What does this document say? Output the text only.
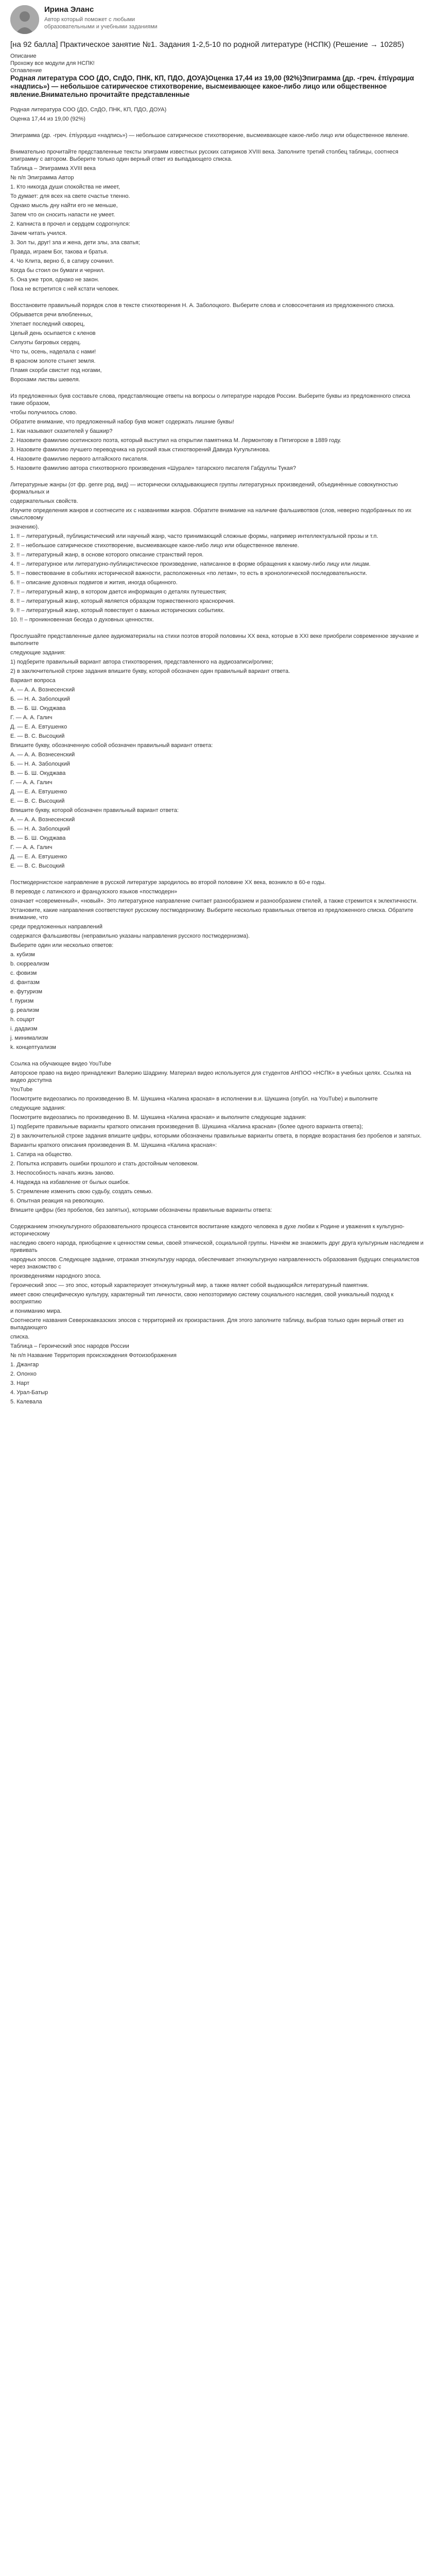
Ирина Эланс
Автор который поможет с любыми образовательными и учебными заданиями
[на 92 балла] Практическое занятие №1. Задания 1-2,5-10 по родной литературе (НСПК) (Решение → 10285)

Описание

Прохожу все модули для НСПК!

Оглавление

Родная литература СОО (ДО, СпДО, ПНК, КП, ПДО, ДОУА)Оценка 17,44 из 19,00 (92%)Эпиграмма (др. -греч. ἐπίγραμμα «надпись») — небольшое сатирическое стихотворение, высмеивающее какое-либо лицо или общественное явление.Внимательно прочитайте представленные

Родная литература СОО (ДО, СпДО, ПНК, КП, ПДО, ДОУА)

Оценка 17,44 из 19,00 (92%)

Эпиграмма (др. -греч. ἐπίγραμμα «надпись») — небольшое сатирическое стихотворение, высмеивающее какое-либо лицо или общественное явление.

Внимательно прочитайте представленные тексты эпиграмм известных русских сатириков XVIII века. Заполните третий столбец таблицы, соотнеся эпиграмму с автором. Выберите только один верный ответ из выпадающего списка.

Таблица – Эпиграмма XVIII века

№ п/п Эпиграмма Автор

1. Кто никогда души спокойства не имеет,

То думает: для всех на свете счастье тленно.

Однако мысль дну найти его не меньше,

Затем что он сносить напасти не умеет.

2. Капнистa в прочел и сердцем содрогнулся:

Зачем читать учился.

3. Зол ты, друг! зла и жена, дети злы, зла сватья;

Правда, играем Бог, такова и братья.

4. Чо Клита, верно б, в сатиру сочинил.

Когда бы стоил он бумаги и чернил.

5. Она уже троя, однако не закон.

Пока не встретится с ней кстати человек.

Восстановите правильный порядок слов в тексте стихотворения Н. А. Заболоцкого. Выберите слова и словосочетания из предложенного списка.

Обрывается речи влюбленных,

Улетает последний скворец,

Целый день осыпается с кленов

Силуэты багровых сердец.

Что ты, осень, наделала с нами!

В красном золоте стынет земля.

Пламя скорби свистит под ногами,

Ворохами листвы шевеля.

Из предложенных букв составьте слова, представляющие ответы на вопросы о литературе народов России. Выберите буквы из предложенного списка такие образом,

чтобы получилось слово.

Обратите внимание, что предложенный набор букв может содержать лишние буквы!

1. Как называют сказителей у башкир?

2. Назовите фамилию осетинского поэта, который выступил на открытии памятника М. Лермонтову в Пятигорске в 1889 году.

3. Назовите фамилию лучшего переводчика на русский язык стихотворений Давида Кугультинова.

4. Назовите фамилию первого алтайского писателя.

5. Назовите фамилию автора стихотворного произведения «Шурале» татарского писателя Габдуллы Тукая?

Литературные жанры (от фр. genre род, вид) — исторически складывающиеся группы литературных произведений, объединённые совокупностью формальных и

содержательных свойств.

Изучите определения жанров и соотнесите их с названиями жанров. Обратите внимание на наличие фальшивотвов (слов, неверно подобранных по их смысловому

значению).

1. !! – литературный, публицистический или научный жанр, часто принимающий сложные формы, например интеллектуальной прозы и т.п.

2. !! – небольшое сатирическое стихотворение, высмеивающее какое-либо лицо или общественное явление.

3. !! – литературный жанр, в основе которого описание странствий героя.

4. !! – литературное или литературно-публицистическое произведение, написанное в форме обращения к какому-либо лицу или лицам.

5. !! – повествование в событиях исторической важности, расположенных «по летам», то есть в хронологической последовательности.

6. !! – описание духовных подвигов и жития, иногда общинного.

7. !! – литературный жанр, в котором дается информация о деталях путешествия;

8. !! – литературный жанр, который является образцом торжественного красноречия.

9. !! – литературный жанр, который повествует о важных исторических событиях.

10. !! – проникновенная беседа о духовных ценностях.

Прослушайте представленные далее аудиоматериалы на стихи поэтов второй половины XX века, которые в XXI веке приобрели современное звучание и выполните

следующие задания:

1) подберите правильный вариант автора стихотворения, представленного на аудиозаписи/ролике;

2) в заключительной строке задания впишите букву, которой обозначен один правильный вариант ответа.

Вариант вопроса

А. — А. А. Вознесенский

Б. — Н. А. Заболоцкий

В. — Б. Ш. Окуджава

Г. — А. А. Галич

Д. — Е. А. Евтушенко

Е. — В. С. Высоцкий

Впишите букву, обозначенную собой обозначен правильный вариант ответа:

А. — А. А. Вознесенский

Б. — Н. А. Заболоцкий

В. — Б. Ш. Окуджава

Г. — А. А. Галич

Д. — Е. А. Евтушенко

Е. — В. С. Высоцкий

Впишите букву, которой обозначен правильный вариант ответа:

А. — А. А. Вознесенский

Б. — Н. А. Заболоцкий

В. — Б. Ш. Окуджава

Г. — А. А. Галич

Д. — Е. А. Евтушенко

Е. — В. С. Высоцкий

Постмодернистское направление в русской литературе зародилось во второй половине XX века, возникло в 60-е годы.

В переводе с латинского и французского языков «постмодерн»

означает «современный», «новый». Это литературное направление считает разнообразием и разнообразием стилей, а также стремится к эклектичности.

Установите, какие направления соответствуют русскому постмодернизму. Выберите несколько правильных ответов из предложенного списка. Обратите внимание, что

среди предложенных направлений

содержатся фальшивотвы (неправильно указаны направления русского постмодернизма).

Выберите один или несколько ответов:

a. кубизм

b. сюрреализм

c. фовизм

d. фантазм

e. футуризм

f. пуризм

g. реализм

h. соцарт

i. дадаизм

j. минимализм

k. концептуализм

Ссылка на обучающее видео YouTube

Авторское право на видео принадлежит Валерию Шадрину. Материал видео используется для студентов АНПОО «НСПК» в учебных целях. Ссылка на видео доступна

YouTube

Посмотрите видеозапись по произведению В. М. Шукшина «Калина красная» в исполнении в.и. Шукшина (опубл. на YouTube) и выполните

следующие задания:

Посмотрите видеозапись по произведению В. М. Шукшина «Калина красная» и выполните следующие задания:

1) подберите правильные варианты краткого описания произведения В. Шукшина «Калина красная» (более одного варианта ответа);

2) в заключительной строке задания впишите цифры, которыми обозначены правильные варианты ответа, в порядке возрастания без пробелов и запятых.

Варианты краткого описания произведения В. М. Шукшина «Калина красная»:

1. Сатира на общество.

2. Попытка исправить ошибки прошлого и стать достойным человеком.

3. Неспособность начать жизнь заново.

4. Надежда на избавление от былых ошибок.

5. Стремление изменить свою судьбу, создать семью.

6. Опытная реакция на революцию.

Впишите цифры (без пробелов, без запятых), которыми обозначены правильные варианты ответа:

Содержанием этнокультурного образовательного процесса становится воспитание каждого человека в духе любви к Родине и уважения к культурно-историческому

наследию своего народа, приобщение к ценностям семьи, своей этнической, социальной группы. Начнём же знакомить друг друга культурным наследием и прививать

народных эпосов. Следующее задание, отражая этнокультуру народа, обеспечивает этнокультурную направленность образования будущих специалистов через знакомство с

произведениями народного эпоса.

Героический эпос — это эпос, который характеризует этнокультурный мир, а также являет собой выдающийся литературный памятник.

имеет свою специфическую культуру, характерный тип личности, свою непозторимую систему социального наследия, свой уникальный подход к восприятию

и пониманию мира.

Соотнесите названия Северокавказских эпосов с территорией их произрастания. Для этого заполните таблицу, выбрав только один верный ответ из выпадающего

списка.

Таблица – Героический эпос народов России

№ п/п Название Территория происхождения Фотоизображения

1. Джангар

2. Олонхо

3. Нарт

4. Урал-Батыр

5. Калевала
